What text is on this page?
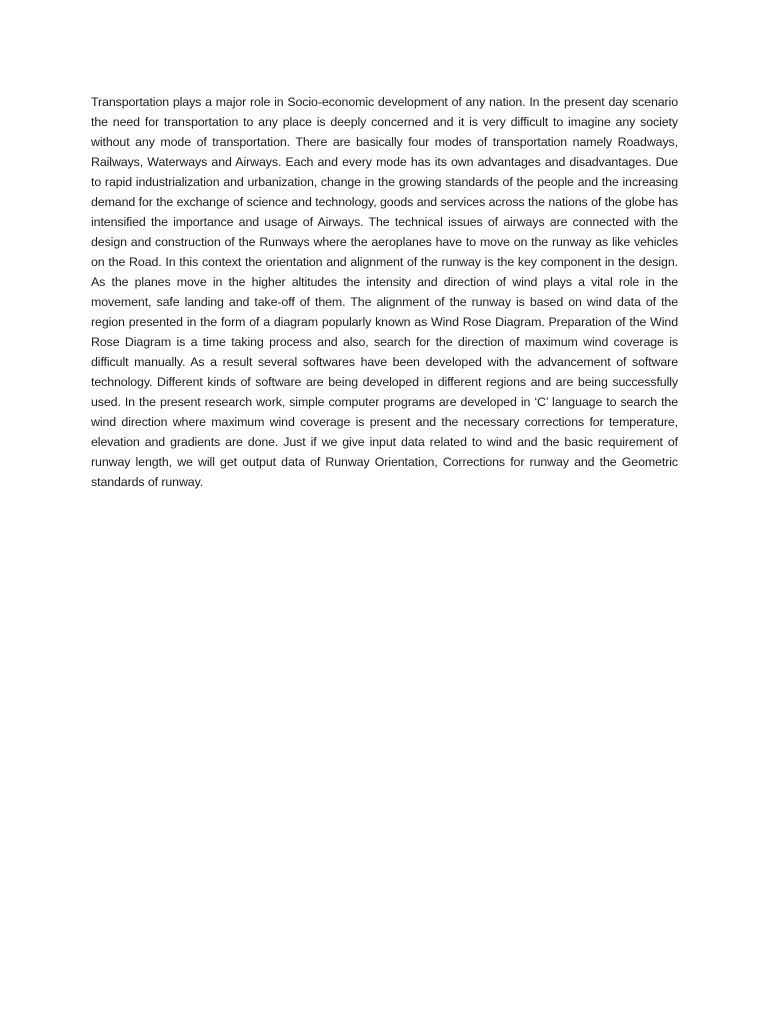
Transportation plays a major role in Socio-economic development of any nation. In the present day scenario the need for transportation to any place is deeply concerned and it is very difficult to imagine any society without any mode of transportation. There are basically four modes of transportation namely Roadways, Railways, Waterways and Airways. Each and every mode has its own advantages and disadvantages. Due to rapid industrialization and urbanization, change in the growing standards of the people and the increasing demand for the exchange of science and technology, goods and services across the nations of the globe has intensified the importance and usage of Airways. The technical issues of airways are connected with the design and construction of the Runways where the aeroplanes have to move on the runway as like vehicles on the Road. In this context the orientation and alignment of the runway is the key component in the design. As the planes move in the higher altitudes the intensity and direction of wind plays a vital role in the movement, safe landing and take-off of them. The alignment of the runway is based on wind data of the region presented in the form of a diagram popularly known as Wind Rose Diagram. Preparation of the Wind Rose Diagram is a time taking process and also, search for the direction of maximum wind coverage is difficult manually. As a result several softwares have been developed with the advancement of software technology. Different kinds of software are being developed in different regions and are being successfully used. In the present research work, simple computer programs are developed in ‘C’ language to search the wind direction where maximum wind coverage is present and the necessary corrections for temperature, elevation and gradients are done. Just if we give input data related to wind and the basic requirement of runway length, we will get output data of Runway Orientation, Corrections for runway and the Geometric standards of runway.
